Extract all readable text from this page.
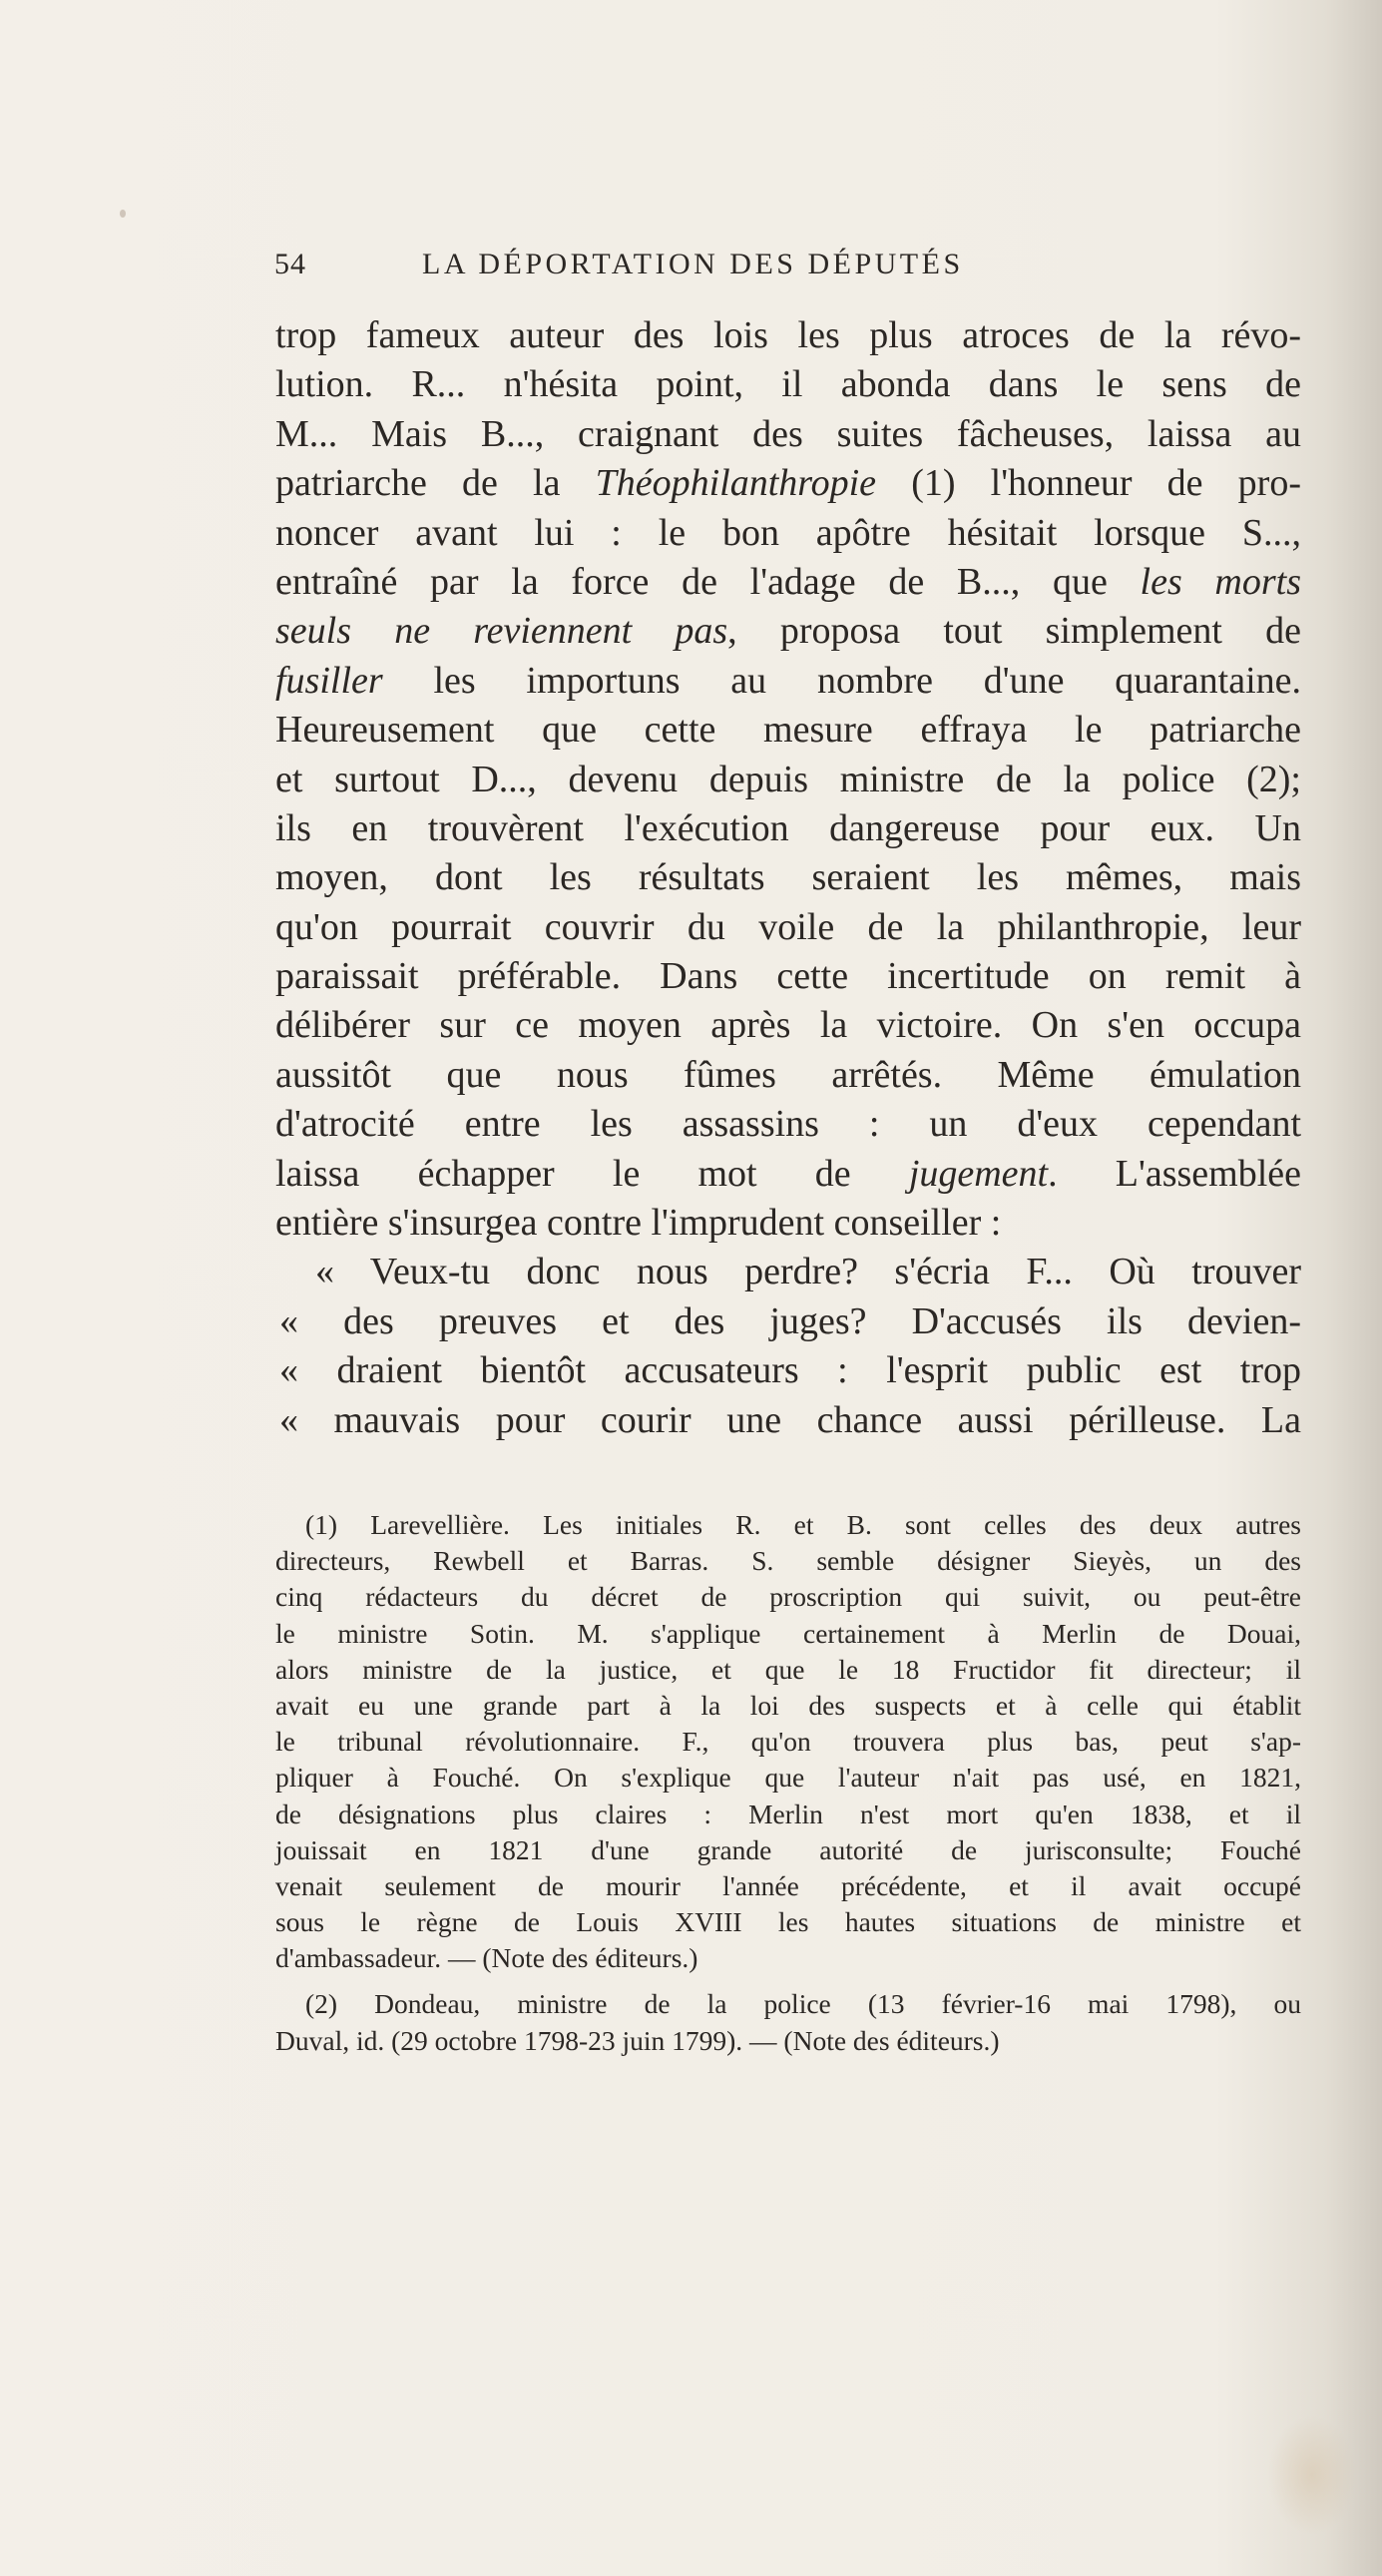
54	LA DÉPORTATION DES DÉPUTÉS
trop fameux auteur des lois les plus atroces de la révo-
lution. R... n'hésita point, il abonda dans le sens de
M... Mais B..., craignant des suites fâcheuses, laissa au
patriarche de la Théophilanthropie (1) l'honneur de pro-
noncer avant lui : le bon apôtre hésitait lorsque S...,
entraîné par la force de l'adage de B..., que les morts
seuls ne reviennent pas, proposa tout simplement de
fusiller les importuns au nombre d'une quarantaine.
Heureusement que cette mesure effraya le patriarche
et surtout D..., devenu depuis ministre de la police (2);
ils en trouvèrent l'exécution dangereuse pour eux. Un
moyen, dont les résultats seraient les mêmes, mais
qu'on pourrait couvrir du voile de la philanthropie, leur
paraissait préférable. Dans cette incertitude on remit à
délibérer sur ce moyen après la victoire. On s'en occupa
aussitôt que nous fûmes arrêtés. Même émulation
d'atrocité entre les assassins : un d'eux cependant
laissa échapper le mot de jugement. L'assemblée
entière s'insurgea contre l'imprudent conseiller :
« Veux-tu donc nous perdre? s'écria F... Où trouver
« des preuves et des juges? D'accusés ils devien-
« draient bientôt accusateurs : l'esprit public est trop
« mauvais pour courir une chance aussi périlleuse. La
(1) Larevellière. Les initiales R. et B. sont celles des deux autres
directeurs, Rewbell et Barras. S. semble désigner Sieyès, un des
cinq rédacteurs du décret de proscription qui suivit, ou peut-être
le ministre Sotin. M. s'applique certainement à Merlin de Douai,
alors ministre de la justice, et que le 18 Fructidor fit directeur; il
avait eu une grande part à la loi des suspects et à celle qui établit
le tribunal révolutionnaire. F., qu'on trouvera plus bas, peut s'ap-
pliquer à Fouché. On s'explique que l'auteur n'ait pas usé, en 1821,
de désignations plus claires : Merlin n'est mort qu'en 1838, et il
jouissait en 1821 d'une grande autorité de jurisconsulte; Fouché
venait seulement de mourir l'année précédente, et il avait occupé
sous le règne de Louis XVIII les hautes situations de ministre et
d'ambassadeur. — (Note des éditeurs.)
(2) Dondeau, ministre de la police (13 février-16 mai 1798), ou
Duval, id. (29 octobre 1798-23 juin 1799). — (Note des éditeurs.)
